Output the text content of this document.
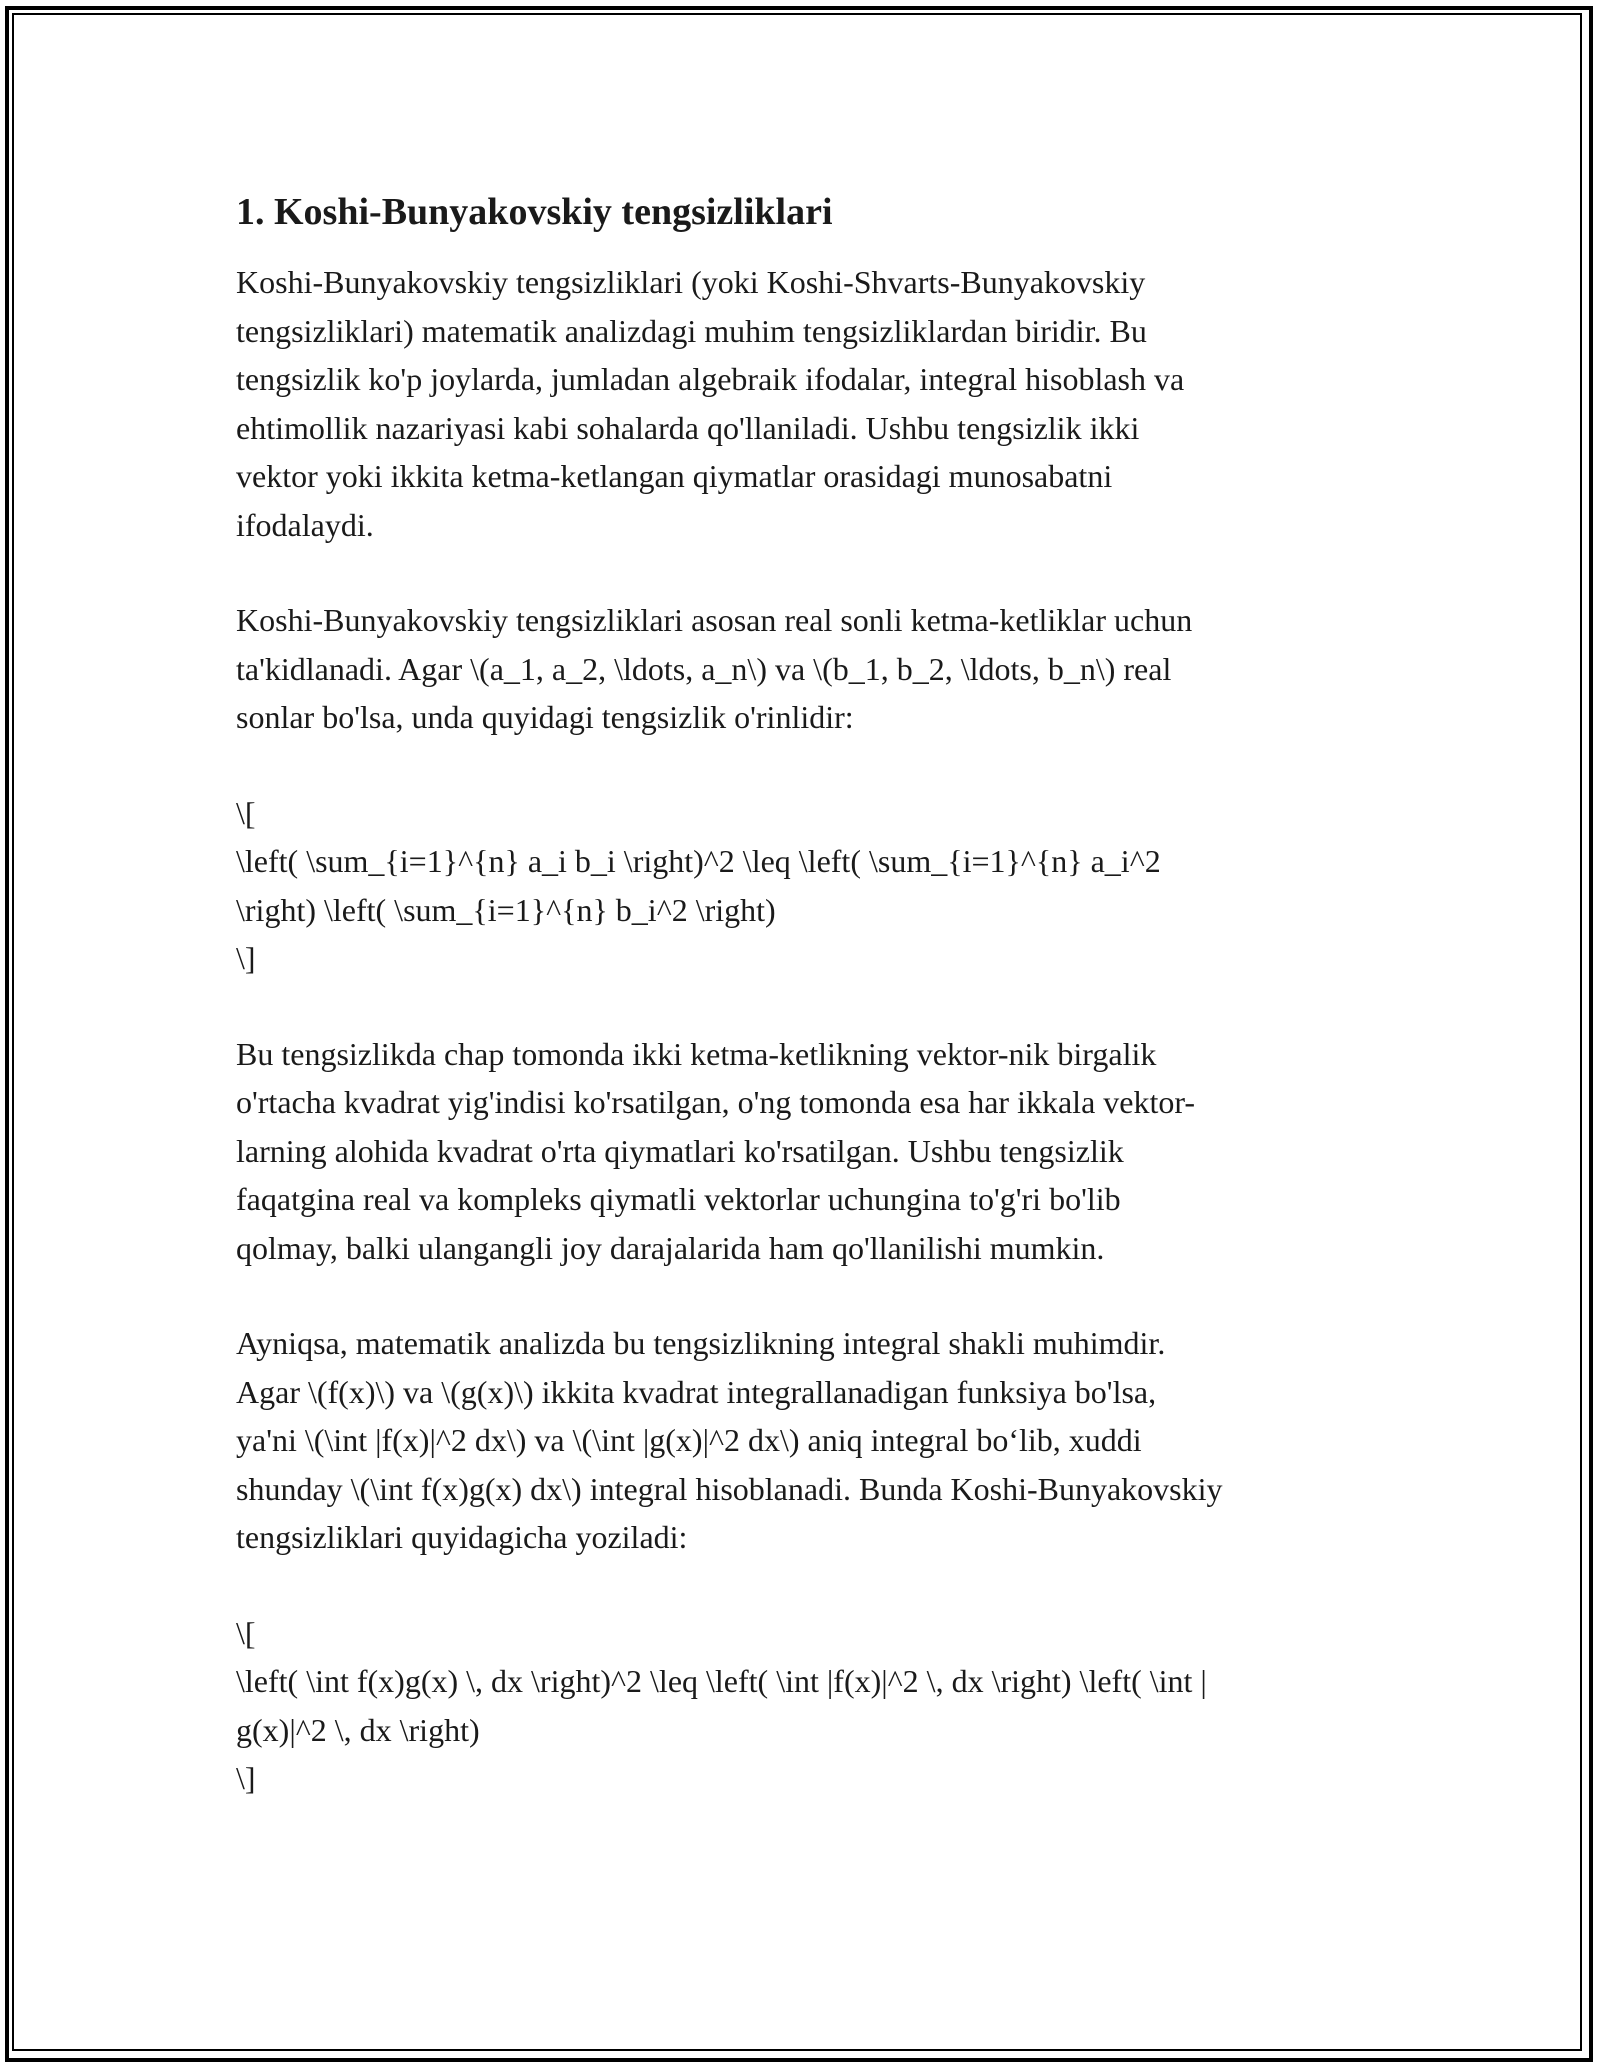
1. Koshi-Bunyakovskiy tengsizliklari

Koshi-Bunyakovskiy tengsizliklari (yoki Koshi-Shvarts-Bunyakovskiy
tengsizliklari) matematik analizdagi muhim tengsizliklardan biridir. Bu
tengsizlik ko'p joylarda, jumladan algebraik ifodalar, integral hisoblash va
ehtimollik nazariyasi kabi sohalarda qo'llaniladi. Ushbu tengsizlik ikki
vektor yoki ikkita ketma-ketlangan qiymatlar orasidagi munosabatni
ifodalaydi.

Koshi-Bunyakovskiy tengsizliklari asosan real sonli ketma-ketliklar uchun
ta'kidlanadi. Agar \(a_1, a_2, \ldots, a_n\) va \(b_1, b_2, \ldots, b_n\) real
sonlar bo'lsa, unda quyidagi tengsizlik o'rinlidir:

\[
\left( \sum_{i=1}^{n} a_i b_i \right)^2 \leq \left( \sum_{i=1}^{n} a_i^2
\right) \left( \sum_{i=1}^{n} b_i^2 \right)
\]

Bu tengsizlikda chap tomonda ikki ketma-ketlikning vektor-nik birgalik
o'rtacha kvadrat yig'indisi ko'rsatilgan, o'ng tomonda esa har ikkala vektor-
larning alohida kvadrat o'rta qiymatlari ko'rsatilgan. Ushbu tengsizlik
faqatgina real va kompleks qiymatli vektorlar uchungina to'g'ri bo'lib
qolmay, balki ulangangli joy darajalarida ham qo'llanilishi mumkin.

Ayniqsa, matematik analizda bu tengsizlikning integral shakli muhimdir.
Agar \(f(x)\) va \(g(x)\) ikkita kvadrat integrallanadigan funksiya bo'lsa,
ya'ni \(\int |f(x)|^2 dx\) va \(\int |g(x)|^2 dx\) aniq integral bo‘lib, xuddi
shunday \(\int f(x)g(x) dx\) integral hisoblanadi. Bunda Koshi-Bunyakovskiy
tengsizliklari quyidagicha yoziladi:

\[
\left( \int f(x)g(x) \, dx \right)^2 \leq \left( \int |f(x)|^2 \, dx \right) \left( \int |
g(x)|^2 \, dx \right)
\]
